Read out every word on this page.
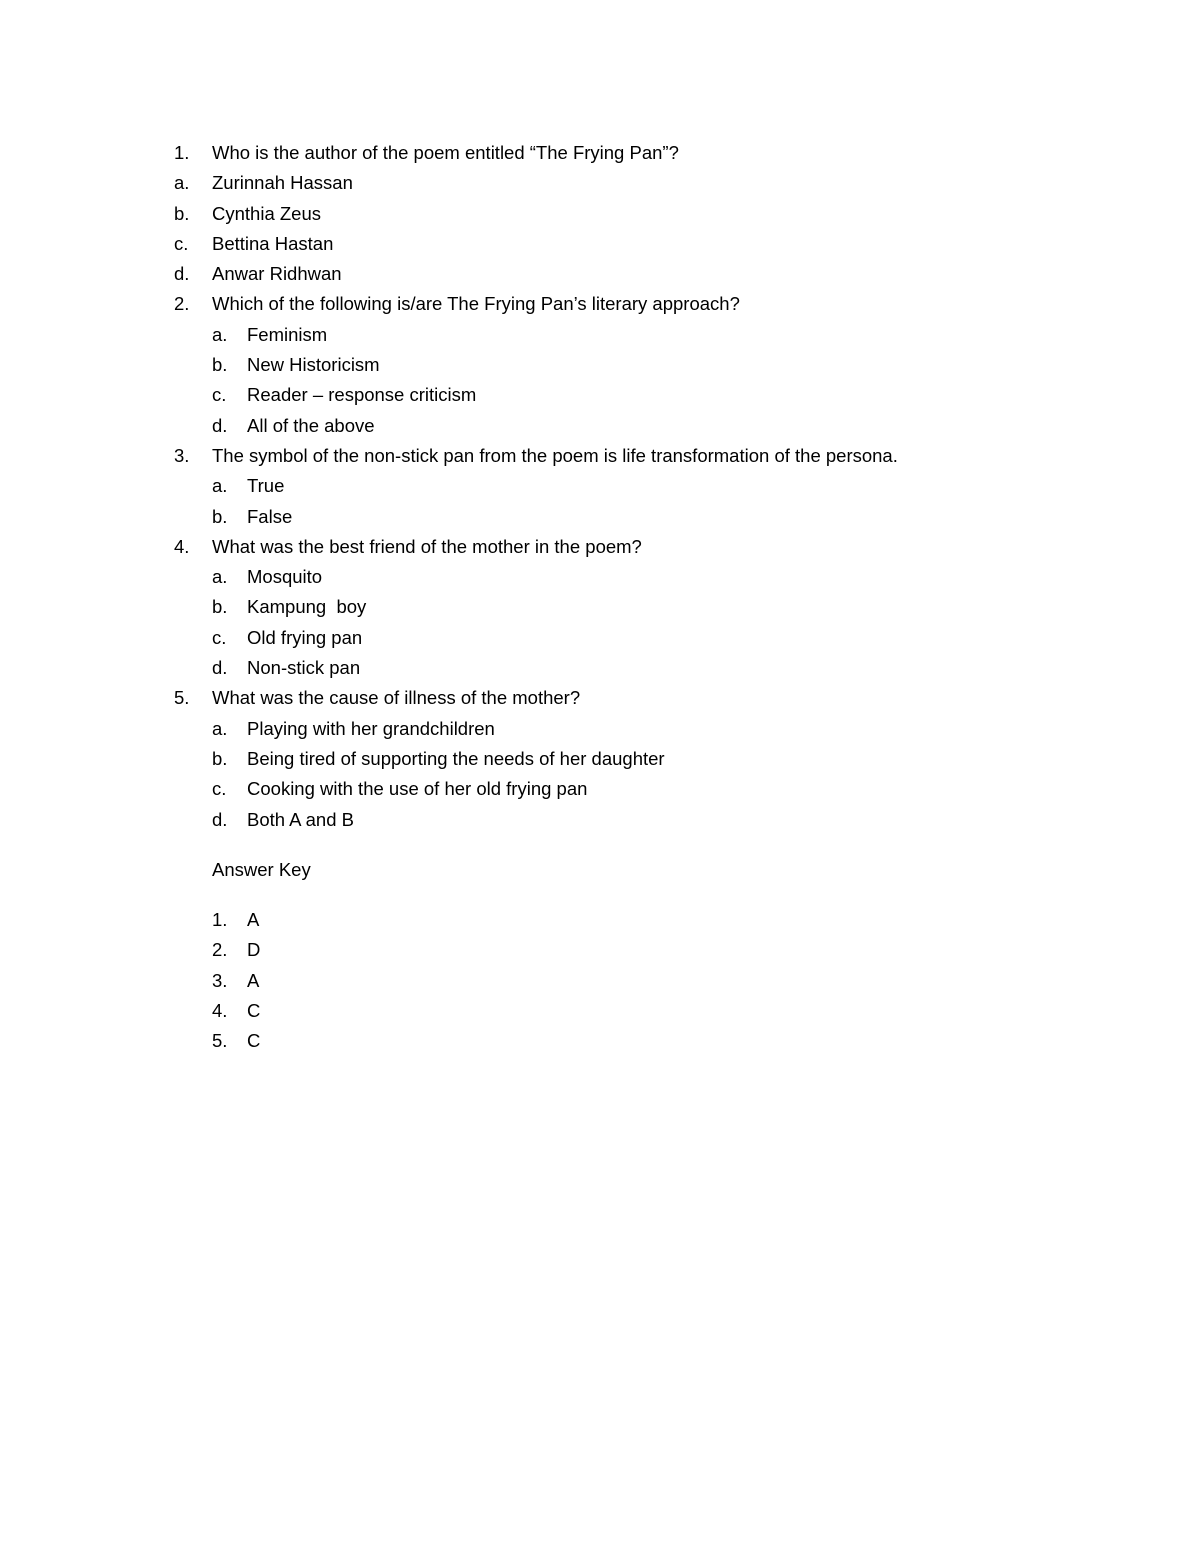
1. Who is the author of the poem entitled “The Frying Pan”?
a. Zurinnah Hassan
b. Cynthia Zeus
c. Bettina Hastan
d. Anwar Ridhwan
2. Which of the following is/are The Frying Pan’s literary approach?
a. Feminism
b. New Historicism
c. Reader – response criticism
d. All of the above
3. The symbol of the non-stick pan from the poem is life transformation of the persona.
a. True
b. False
4. What was the best friend of the mother in the poem?
a. Mosquito
b. Kampung  boy
c. Old frying pan
d. Non-stick pan
5. What was the cause of illness of the mother?
a. Playing with her grandchildren
b. Being tired of supporting the needs of her daughter
c. Cooking with the use of her old frying pan
d. Both A and B
Answer Key
1. A
2. D
3. A
4. C
5. C
